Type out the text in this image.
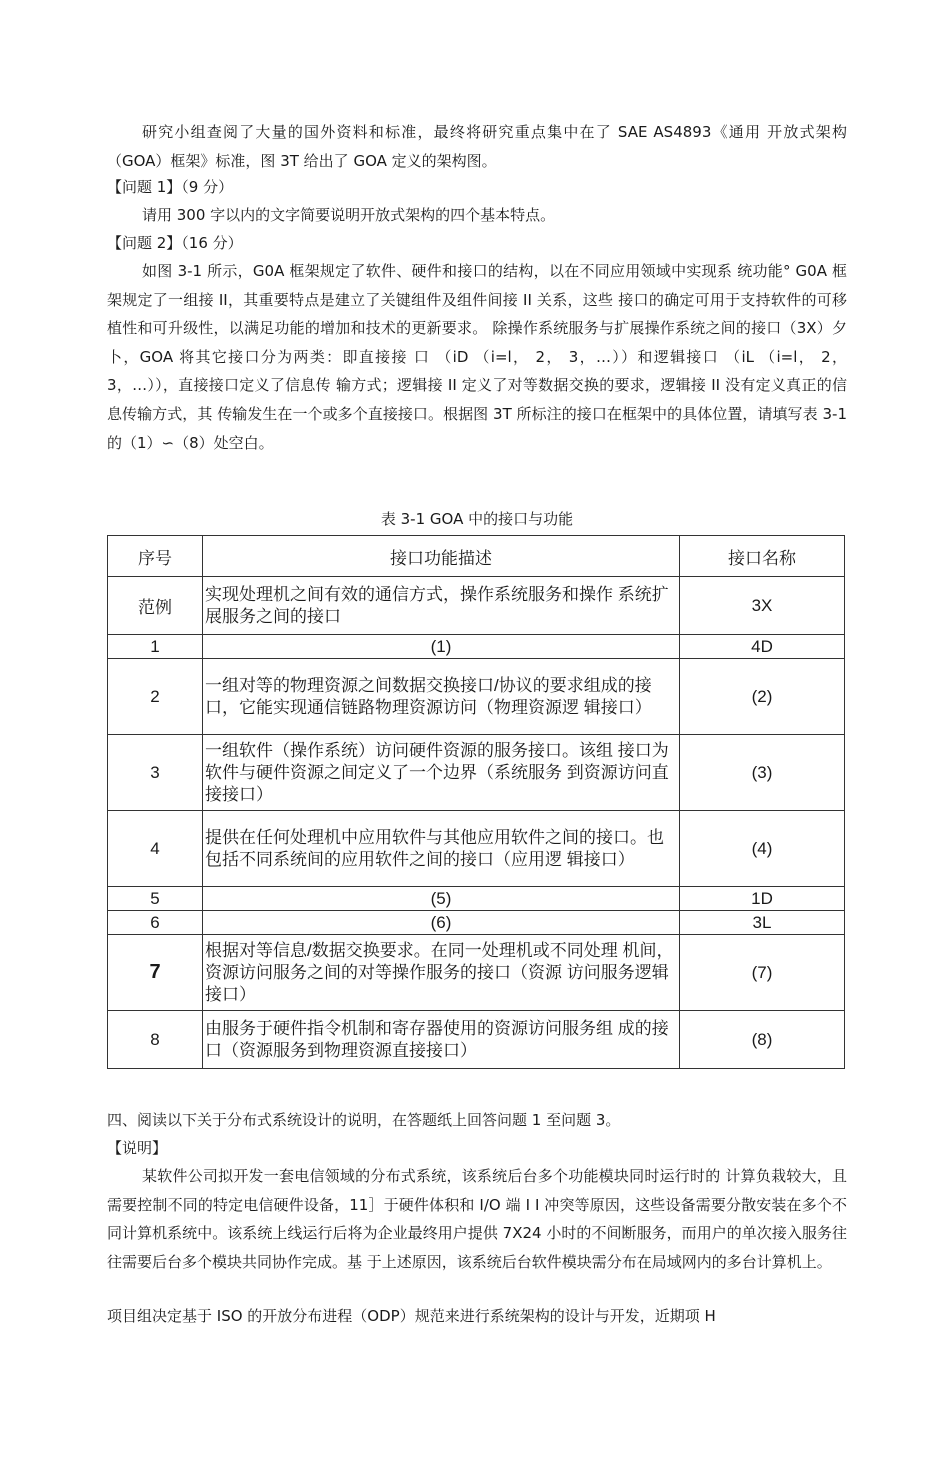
研究小组查阅了大量的国外资料和标准，最终将研究重点集中在了 SAE AS4893《通用 开放式架构（GOA）框架》标准，图 3T 给出了 GOA 定义的架构图。

【问题 1】（9 分）
请用 300 字以内的文字简要说明开放式架构的四个基本特点。
【问题 2】（16 分）

如图 3-1 所示，G0A 框架规定了软件、硬件和接口的结构，以在不同应用领域中实现系 统功能° G0A 框架规定了一组接 II，其重要特点是建立了关键组件及组件间接 II 关系，这些 接口的确定可用于支持软件的可移植性和可升级性，以满足功能的增加和技术的更新要求。 除操作系统服务与扩展操作系统之间的接口（3X）夕卜，GOA 将其它接口分为两类：即直接接 口 （iD （i=l， 2， 3，…））和逻辑接口 （iL （i=l， 2， 3，…）），直接接口定义了信息传 输方式；逻辑接 II 定义了对等数据交换的要求，逻辑接 II 没有定义真正的信息传输方式，其 传输发生在一个或多个直接接口。根据图 3T 所标注的接口在框架中的具体位置，请填写表 3-1 的（1）∽（8）处空白。

表 3-1 GOA 中的接口与功能
序号	接口功能描述	接口名称
范例	实现处理机之间有效的通信方式，操作系统服务和操作 系统扩展服务之间的接口	3X
1	(1)	4D
2	一组对等的物理资源之间数据交换接口/协议的要求组成的接口，它能实现通信链路物理资源访问（物理资源逻 辑接口）	(2)
3	一组软件（操作系统）访问硬件资源的服务接口。该组 接口为软件与硬件资源之间定义了一个边界（系统服务 到资源访问直接接口）	(3)
4	提供在任何处理机中应用软件与其他应用软件之间的接口。也包括不同系统间的应用软件之间的接口（应用逻 辑接口）	(4)
5	(5)	1D
6	(6)	3L
7	根据对等信息/数据交换要求。在同一处理机或不同处理 机间，资源访问服务之间的对等操作服务的接口（资源 访问服务逻辑接口）	(7)
8	由服务于硬件指令机制和寄存器使用的资源访问服务组 成的接口（资源服务到物理资源直接接口）	(8)
四、阅读以下关于分布式系统设计的说明，在答题纸上回答问题 1 至问题 3。
【说明】

某软件公司拟开发一套电信领域的分布式系统，该系统后台多个功能模块同时运行时的 计算负栽较大，且需要控制不同的特定电信硬件设备，11］于硬件体积和 I/O 端 I I 冲突等原因，这些设备需要分散安装在多个不同计算机系统中。该系统上线运行后将为企业最终用户提供 7X24 小时的不间断服务，而用户的单次接入服务往往需要后台多个模块共同协作完成。基 于上述原因，该系统后台软件模块需分布在局域网内的多台计算机上。

项目组决定基于 ISO 的开放分布进程（ODP）规范来进行系统架构的设计与开发，近期项 H
